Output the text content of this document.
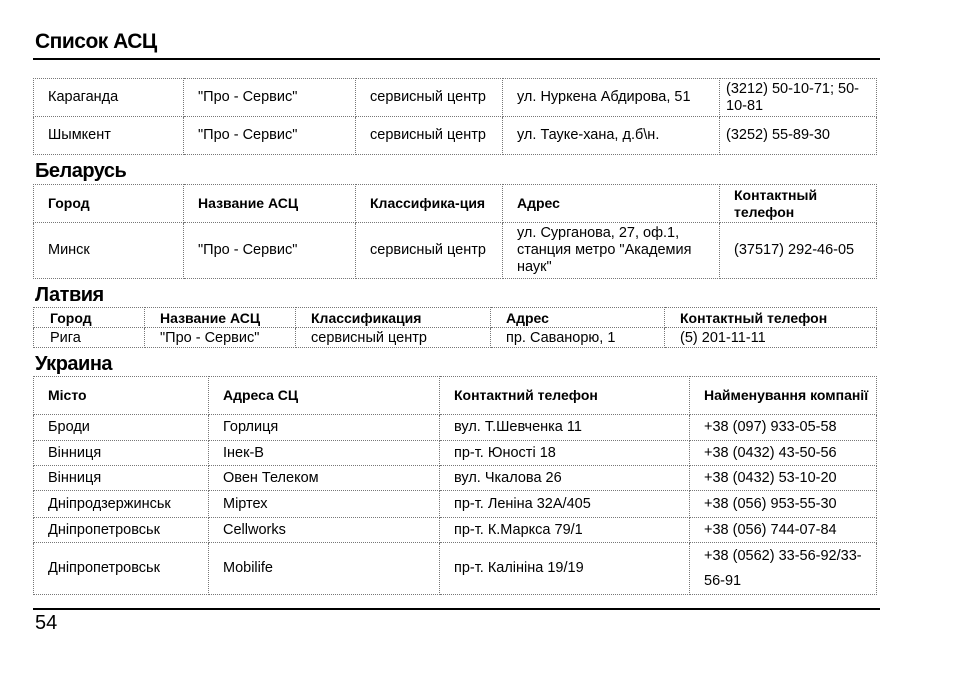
Список АСЦ
Караганда	"Про - Сервис"	сервисный центр	ул. Нуркена Абдирова, 51	(3212) 50-10-71; 50-10-81
Шымкент	"Про - Сервис"	сервисный центр	ул. Тауке-хана, д.б\н.	(3252) 55-89-30
Беларусь
Город	Название АСЦ	Классифика-ция	Адрес	Контактный телефон
Минск	"Про - Сервис"	сервисный центр	ул. Сурганова, 27, оф.1, станция метро "Академия наук"	(37517) 292-46-05
Латвия
Город	Название АСЦ	Классификация	Адрес	Контактный телефон
Рига	"Про - Сервис"	сервисный центр	пр. Саванорю, 1	(5) 201-11-11
Украина
Місто	Адреса СЦ	Контактний телефон	Найменування компанії
Броди	Горлиця	вул. Т.Шевченка 11	+38 (097) 933-05-58
Вінниця	Інек-В	пр-т. Юності 18	+38 (0432) 43-50-56
Вінниця	Овен Телеком	вул. Чкалова 26	+38 (0432) 53-10-20
Дніпродзержинськ	Міртех	пр-т. Леніна 32А/405	+38 (056) 953-55-30
Дніпропетровськ	Cellworks	пр-т. К.Маркса 79/1	+38 (056) 744-07-84
Дніпропетровськ	Mobilife	пр-т. Калініна 19/19	+38 (0562) 33-56-92/33-56-91
54
